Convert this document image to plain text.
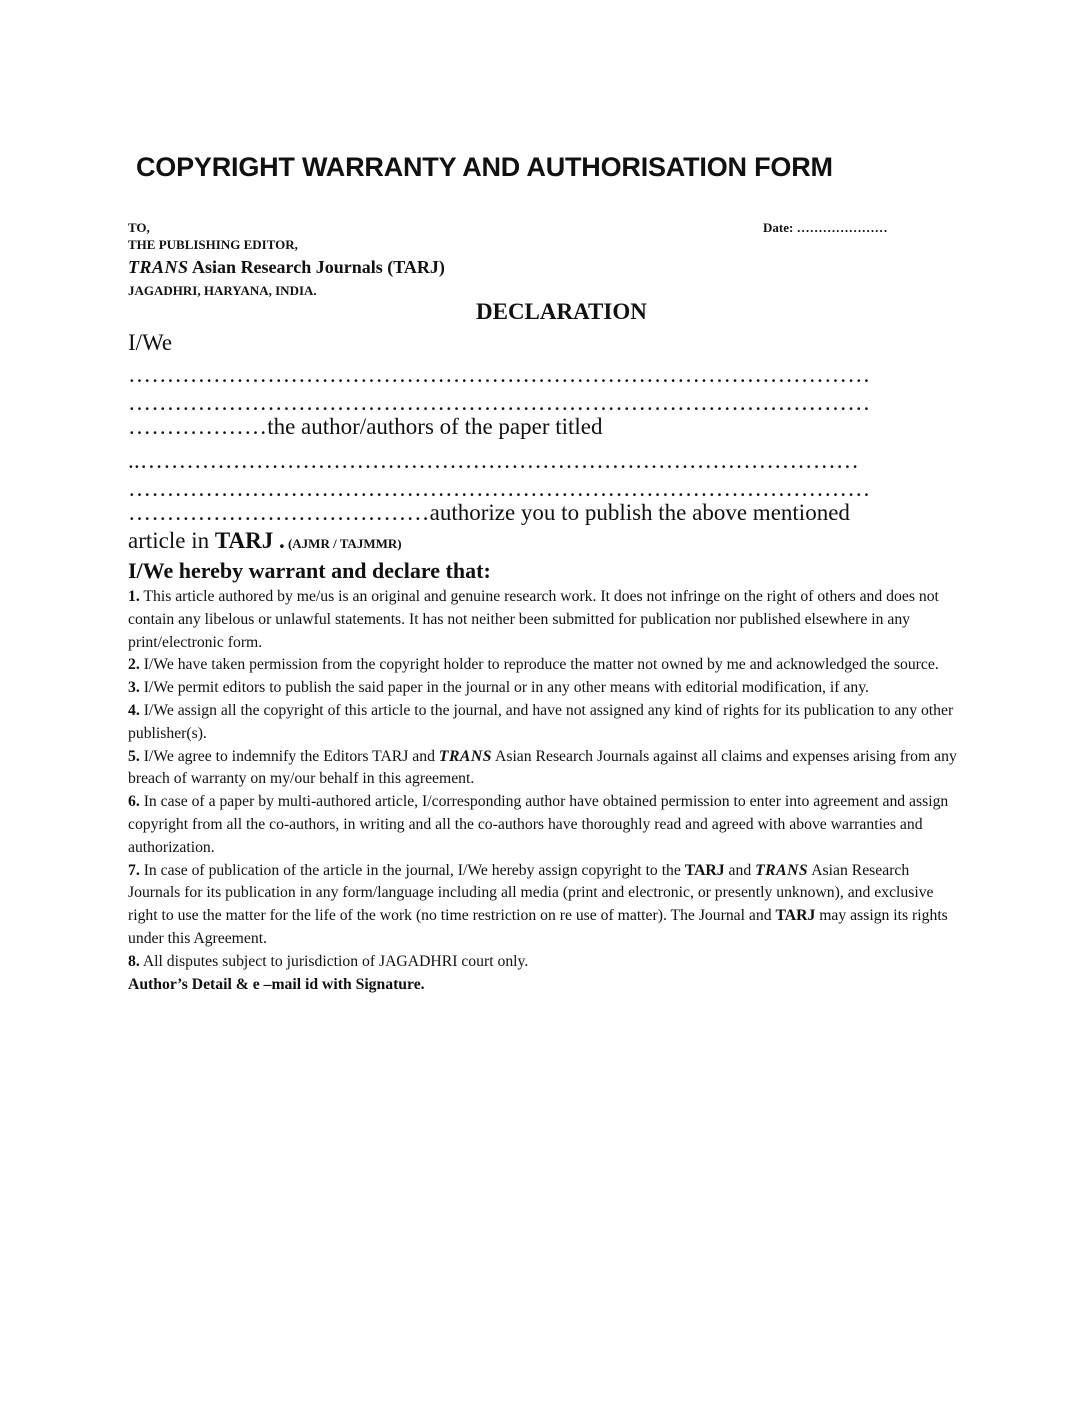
COPYRIGHT WARRANTY AND AUTHORISATION FORM
TO,	Date: …………………
THE PUBLISHING EDITOR,
TRANS Asian Research Journals (TARJ)
JAGADHRI, HARYANA, INDIA.
DECLARATION
I/We
……………………………………………………………………………………
……………………………………………………………………………………
………………the author/authors of the paper titled
..…………………………………………………………………………………
……………………………………………………………………………………
…………………………………authorize you to publish the above mentioned
article in TARJ . (AJMR / TAJMMR)
I/We hereby warrant and declare that:

1. This article authored by me/us is an original and genuine research work. It does not infringe on the right of others and does not contain any libelous or unlawful statements. It has not neither been submitted for publication nor published elsewhere in any print/electronic form.

2. I/We have taken permission from the copyright holder to reproduce the matter not owned by me and acknowledged the source.

3. I/We permit editors to publish the said paper in the journal or in any other means with editorial modification, if any.

4. I/We assign all the copyright of this article to the journal, and have not assigned any kind of rights for its publication to any other publisher(s).

5. I/We agree to indemnify the Editors TARJ and TRANS Asian Research Journals against all claims and expenses arising from any breach of warranty on my/our behalf in this agreement.

6. In case of a paper by multi-authored article, I/corresponding author have obtained permission to enter into agreement and assign copyright from all the co-authors, in writing and all the co-authors have thoroughly read and agreed with above warranties and authorization.

7. In case of publication of the article in the journal, I/We hereby assign copyright to the TARJ and TRANS Asian Research Journals for its publication in any form/language including all media (print and electronic, or presently unknown), and exclusive right to use the matter for the life of the work (no time restriction on re use of matter). The Journal and TARJ may assign its rights under this Agreement.

8. All disputes subject to jurisdiction of JAGADHRI court only.

Author’s Detail & e –mail id with Signature.
